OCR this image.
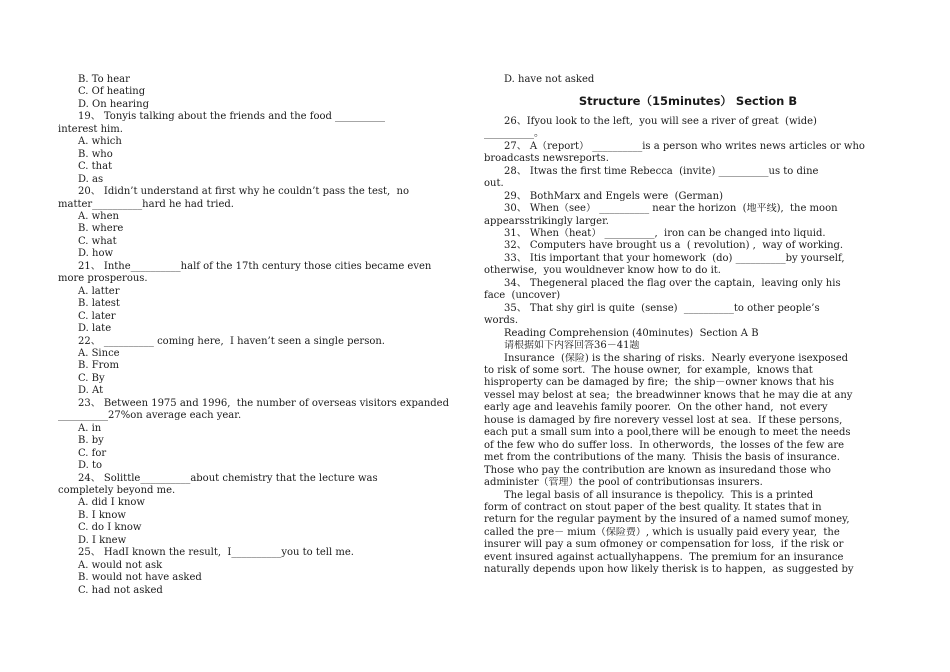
B. To hear
C. Of heating
D. On hearing
19、 Tonyis talking about the friends and the food __________
interest him.
A. which
B. who
C. that
D. as
20、 Ididn’t understand at first why he couldn’t pass the test,  no
matter__________hard he had tried.
A. when
B. where
C. what
D. how
21、 Inthe__________half of the 17th century those cities became even
more prosperous.
A. latter
B. latest
C. later
D. late
22、 __________ coming here,  I haven’t seen a single person.
A. Since
B. From
C. By
D. At
23、 Between 1975 and 1996,  the number of overseas visitors expanded
__________27%on average each year.
A. in
B. by
C. for
D. to
24、 Solittle__________about chemistry that the lecture was
completely beyond me.
A. did I know
B. I know
C. do I know
D. I knew
25、 HadI known the result,  I__________you to tell me.
A. would not ask
B. would not have asked
C. had not asked
D. have not asked
Structure（15minutes） Section B
26、Ifyou look to the left,  you will see a river of great  (wide)
__________。
27、 A（report） __________is a person who writes news articles or who
broadcasts newsreports.
28、 Itwas the first time Rebecca  (invite) __________us to dine
out.
29、 BothMarx and Engels were  (German)
30、 When（see） __________ near the horizon  (地平线),  the moon
appearsstrikingly larger.
31、 When（heat） __________,  iron can be changed into liquid.
32、 Computers have brought us a  ( revolution) ,  way of working.
33、 Itis important that your homework  (do) __________by yourself,
otherwise,  you wouldnever know how to do it.
34、 Thegeneral placed the flag over the captain,  leaving only his
face  (uncover)
35、 That shy girl is quite  (sense)  __________to other people’s
words.
Reading Comprehension (40minutes)  Section A B
请根据如下内容回答36－41题
Insurance  (保险) is the sharing of risks.  Nearly everyone isexposed
to risk of some sort.  The house owner,  for example,  knows that
hisproperty can be damaged by fire;  the ship－owner knows that his
vessel may belost at sea;  the breadwinner knows that he may die at any
early age and leavehis family poorer.  On the other hand,  not every
house is damaged by fire norevery vessel lost at sea.  If these persons,
each put a small sum into a pool,there will be enough to meet the needs
of the few who do suffer loss.  In otherwords,  the losses of the few are
met from the contributions of the many.  Thisis the basis of insurance.
Those who pay the contribution are known as insuredand those who
administer（管理）the pool of contributionsas insurers.
The legal basis of all insurance is thepolicy.  This is a printed
form of contract on stout paper of the best quality. It states that in
return for the regular payment by the insured of a named sumof money,
called the pre－ mium（保险费）, which is usually paid every year,  the
insurer will pay a sum ofmoney or compensation for loss,  if the risk or
event insured against actuallyhappens.  The premium for an insurance
naturally depends upon how likely therisk is to happen,  as suggested by
